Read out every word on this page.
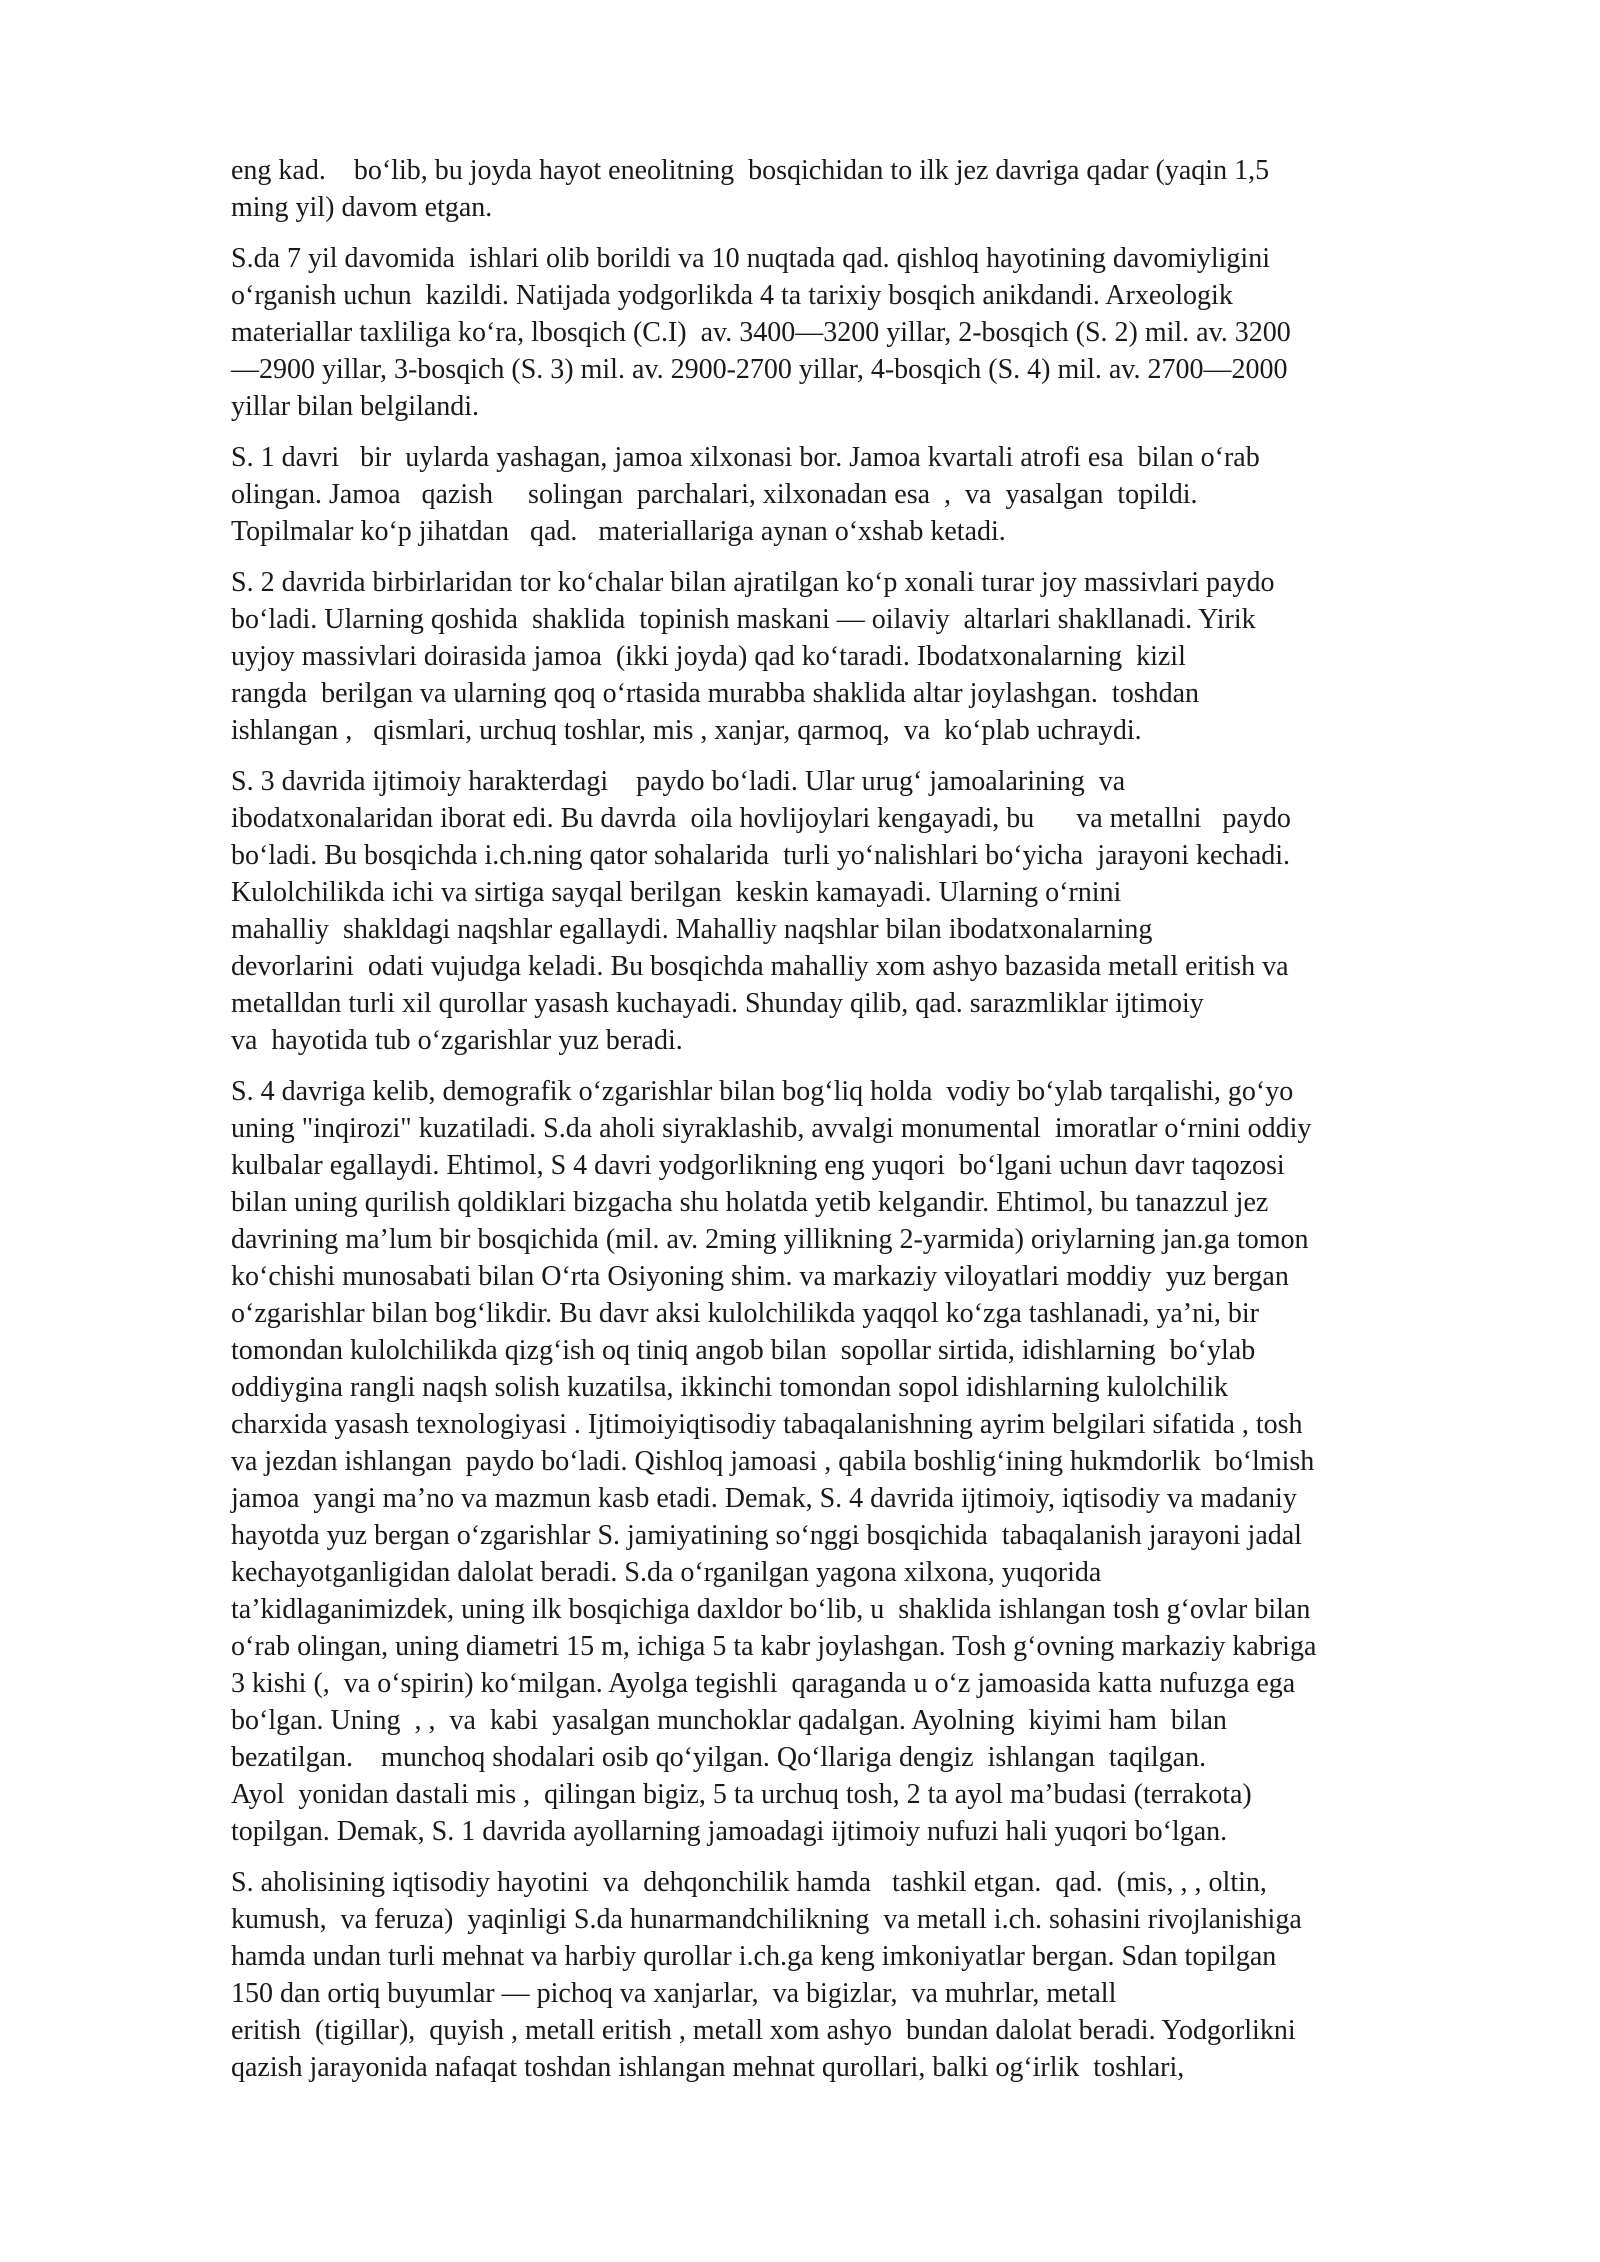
eng kad.    bo‘lib, bu joyda hayot eneolitning  bosqichidan to ilk jez davriga qadar (yaqin 1,5
ming yil) davom etgan.
S.da 7 yil davomida  ishlari olib borildi va 10 nuqtada qad. qishloq hayotining davomiyligini
o‘rganish uchun  kazildi. Natijada yodgorlikda 4 ta tarixiy bosqich anikdandi. Arxeologik
materiallar taxliliga ko‘ra, lbosqich (C.I)  av. 3400—3200 yillar, 2-bosqich (S. 2) mil. av. 3200
—2900 yillar, 3-bosqich (S. 3) mil. av. 2900-2700 yillar, 4-bosqich (S. 4) mil. av. 2700—2000
yillar bilan belgilandi.
S. 1 davri   bir  uylarda yashagan, jamoa xilxonasi bor. Jamoa kvartali atrofi esa  bilan o‘rab
olingan. Jamoa   qazish     solingan  parchalari, xilxonadan esa  ,  va  yasalgan  topildi.
Topilmalar ko‘p jihatdan   qad.   materiallariga aynan o‘xshab ketadi.
S. 2 davrida birbirlaridan tor ko‘chalar bilan ajratilgan ko‘p xonali turar joy massivlari paydo
bo‘ladi. Ularning qoshida  shaklida  topinish maskani — oilaviy  altarlari shakllanadi. Yirik
uyjoy massivlari doirasida jamoa  (ikki joyda) qad ko‘taradi. Ibodatxonalarning  kizil
rangda  berilgan va ularning qoq o‘rtasida murabba shaklida altar joylashgan.  toshdan
ishlangan ,   qismlari, urchuq toshlar, mis , xanjar, qarmoq,  va  ko‘plab uchraydi.
S. 3 davrida ijtimoiy harakterdagi    paydo bo‘ladi. Ular urug‘ jamoalarining  va
ibodatxonalaridan iborat edi. Bu davrda  oila hovlijoylari kengayadi, bu      va metallni   paydo
bo‘ladi. Bu bosqichda i.ch.ning qator sohalarida  turli yo‘nalishlari bo‘yicha  jarayoni kechadi.
Kulolchilikda ichi va sirtiga sayqal berilgan  keskin kamayadi. Ularning o‘rnini
mahalliy  shakldagi naqshlar egallaydi. Mahalliy naqshlar bilan ibodatxonalarning
devorlarini  odati vujudga keladi. Bu bosqichda mahalliy xom ashyo bazasida metall eritish va
metalldan turli xil qurollar yasash kuchayadi. Shunday qilib, qad. sarazmliklar ijtimoiy
va  hayotida tub o‘zgarishlar yuz beradi.
S. 4 davriga kelib, demografik o‘zgarishlar bilan bog‘liq holda  vodiy bo‘ylab tarqalishi, go‘yo
uning "inqirozi" kuzatiladi. S.da aholi siyraklashib, avvalgi monumental  imoratlar o‘rnini oddiy
kulbalar egallaydi. Ehtimol, S 4 davri yodgorlikning eng yuqori  bo‘lgani uchun davr taqozosi
bilan uning qurilish qoldiklari bizgacha shu holatda yetib kelgandir. Ehtimol, bu tanazzul jez
davrining ma’lum bir bosqichida (mil. av. 2ming yillikning 2-yarmida) oriylarning jan.ga tomon
ko‘chishi munosabati bilan O‘rta Osiyoning shim. va markaziy viloyatlari moddiy  yuz bergan
o‘zgarishlar bilan bog‘likdir. Bu davr aksi kulolchilikda yaqqol ko‘zga tashlanadi, ya’ni, bir
tomondan kulolchilikda qizg‘ish oq tiniq angob bilan  sopollar sirtida, idishlarning  bo‘ylab
oddiygina rangli naqsh solish kuzatilsa, ikkinchi tomondan sopol idishlarning kulolchilik
charxida yasash texnologiyasi . Ijtimoiyiqtisodiy tabaqalanishning ayrim belgilari sifatida , tosh
va jezdan ishlangan  paydo bo‘ladi. Qishloq jamoasi , qabila boshlig‘ining hukmdorlik  bo‘lmish
jamoa  yangi ma’no va mazmun kasb etadi. Demak, S. 4 davrida ijtimoiy, iqtisodiy va madaniy
hayotda yuz bergan o‘zgarishlar S. jamiyatining so‘nggi bosqichida  tabaqalanish jarayoni jadal
kechayotganligidan dalolat beradi. S.da o‘rganilgan yagona xilxona, yuqorida
ta’kidlaganimizdek, uning ilk bosqichiga daxldor bo‘lib, u  shaklida ishlangan tosh g‘ovlar bilan
o‘rab olingan, uning diametri 15 m, ichiga 5 ta kabr joylashgan. Tosh g‘ovning markaziy kabriga
3 kishi (,  va o‘spirin) ko‘milgan. Ayolga tegishli  qaraganda u o‘z jamoasida katta nufuzga ega
bo‘lgan. Uning  , ,  va  kabi  yasalgan munchoklar qadalgan. Ayolning  kiyimi ham  bilan
bezatilgan.    munchoq shodalari osib qo‘yilgan. Qo‘llariga dengiz  ishlangan  taqilgan.
Ayol  yonidan dastali mis ,  qilingan bigiz, 5 ta urchuq tosh, 2 ta ayol ma’budasi (terrakota)
topilgan. Demak, S. 1 davrida ayollarning jamoadagi ijtimoiy nufuzi hali yuqori bo‘lgan.
S. aholisining iqtisodiy hayotini  va  dehqonchilik hamda   tashkil etgan.  qad.  (mis, , , oltin,
kumush,  va feruza)  yaqinligi S.da hunarmandchilikning  va metall i.ch. sohasini rivojlanishiga
hamda undan turli mehnat va harbiy qurollar i.ch.ga keng imkoniyatlar bergan. Sdan topilgan
150 dan ortiq buyumlar — pichoq va xanjarlar,  va bigizlar,  va muhrlar, metall
eritish  (tigillar),  quyish , metall eritish , metall xom ashyo  bundan dalolat beradi. Yodgorlikni
qazish jarayonida nafaqat toshdan ishlangan mehnat qurollari, balki og‘irlik  toshlari,
